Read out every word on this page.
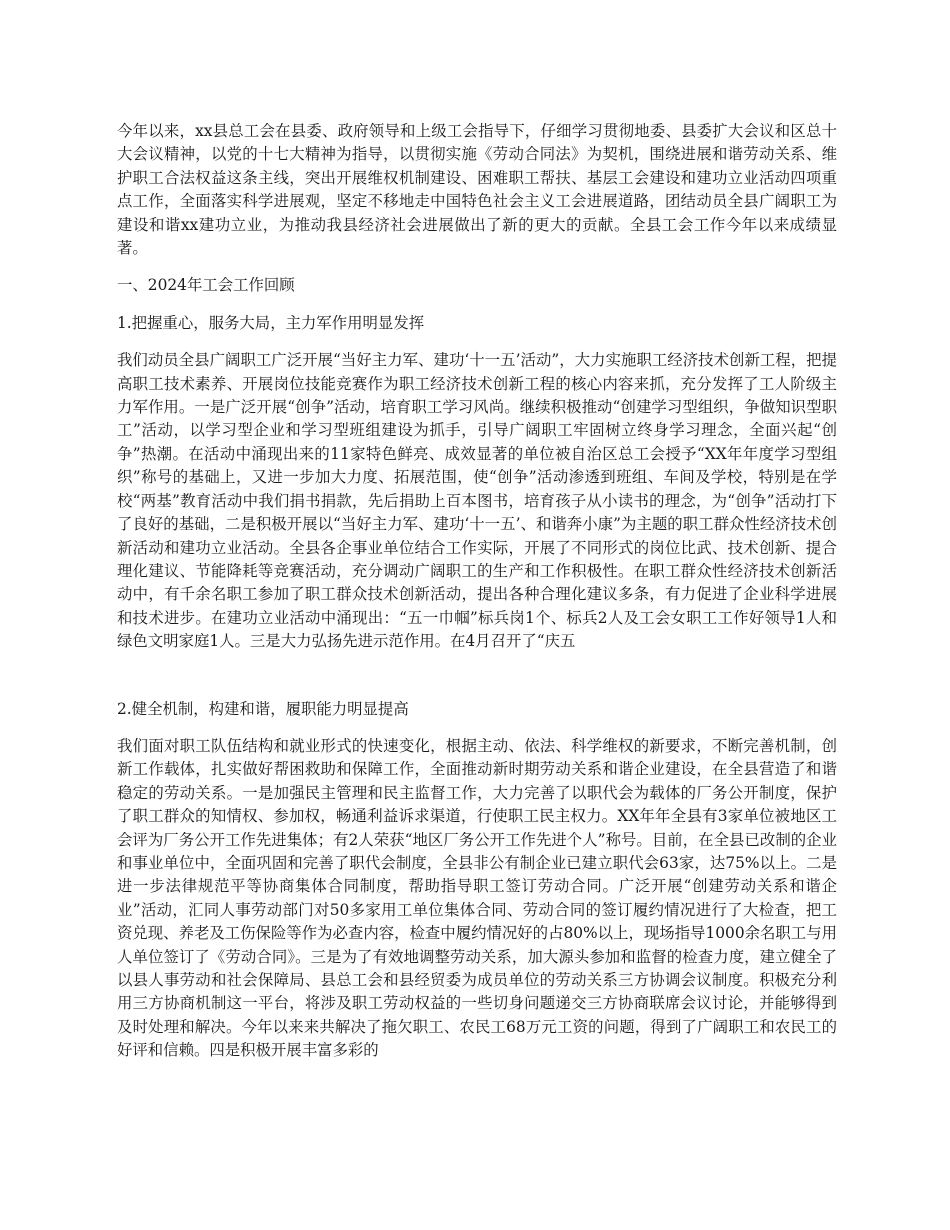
今年以来，xx县总工会在县委、政府领导和上级工会指导下，仔细学习贯彻地委、县委扩大会议和区总十大会议精神，以党的十七大精神为指导，以贯彻实施《劳动合同法》为契机，围绕进展和谐劳动关系、维护职工合法权益这条主线，突出开展维权机制建设、困难职工帮扶、基层工会建设和建功立业活动四项重点工作，全面落实科学进展观，坚定不移地走中国特色社会主义工会进展道路，团结动员全县广阔职工为建设和谐xx建功立业，为推动我县经济社会进展做出了新的更大的贡献。全县工会工作今年以来成绩显著。

一、2024年工会工作回顾

1.把握重心，服务大局，主力军作用明显发挥

我们动员全县广阔职工广泛开展“当好主力军、建功‘十一五’活动”，大力实施职工经济技术创新工程，把提高职工技术素养、开展岗位技能竞赛作为职工经济技术创新工程的核心内容来抓，充分发挥了工人阶级主力军作用。一是广泛开展“创争”活动，培育职工学习风尚。继续积极推动“创建学习型组织，争做知识型职工”活动，以学习型企业和学习型班组建设为抓手，引导广阔职工牢固树立终身学习理念，全面兴起“创争”热潮。在活动中涌现出来的11家特色鲜亮、成效显著的单位被自治区总工会授予“XX年年度学习型组织”称号的基础上，又进一步加大力度、拓展范围，使“创争”活动渗透到班组、车间及学校，特别是在学校“两基”教育活动中我们捐书捐款，先后捐助上百本图书，培育孩子从小读书的理念，为“创争”活动打下了良好的基础，二是积极开展以“当好主力军、建功‘十一五’、和谐奔小康”为主题的职工群众性经济技术创新活动和建功立业活动。全县各企事业单位结合工作实际，开展了不同形式的岗位比武、技术创新、提合理化建议、节能降耗等竞赛活动，充分调动广阔职工的生产和工作积极性。在职工群众性经济技术创新活动中，有千余名职工参加了职工群众技术创新活动，提出各种合理化建议多条，有力促进了企业科学进展和技术进步。在建功立业活动中涌现出：“五一巾帼”标兵岗1个、标兵2人及工会女职工工作好领导1人和绿色文明家庭1人。三是大力弘扬先进示范作用。在4月召开了“庆五

2.健全机制，构建和谐，履职能力明显提高

我们面对职工队伍结构和就业形式的快速变化，根据主动、依法、科学维权的新要求，不断完善机制，创新工作载体，扎实做好帮困救助和保障工作，全面推动新时期劳动关系和谐企业建设，在全县营造了和谐稳定的劳动关系。一是加强民主管理和民主监督工作，大力完善了以职代会为载体的厂务公开制度，保护了职工群众的知情权、参加权，畅通利益诉求渠道，行使职工民主权力。XX年年全县有3家单位被地区工会评为厂务公开工作先进集体；有2人荣获“地区厂务公开工作先进个人”称号。目前，在全县已改制的企业和事业单位中，全面巩固和完善了职代会制度，全县非公有制企业已建立职代会63家，达75%以上。二是进一步法律规范平等协商集体合同制度，帮助指导职工签订劳动合同。广泛开展“创建劳动关系和谐企业”活动，汇同人事劳动部门对50多家用工单位集体合同、劳动合同的签订履约情况进行了大检查，把工资兑现、养老及工伤保险等作为必查内容，检查中履约情况好的占80%以上，现场指导1000余名职工与用人单位签订了《劳动合同》。三是为了有效地调整劳动关系，加大源头参加和监督的检查力度，建立健全了以县人事劳动和社会保障局、县总工会和县经贸委为成员单位的劳动关系三方协调会议制度。积极充分利用三方协商机制这一平台，将涉及职工劳动权益的一些切身问题递交三方协商联席会议讨论，并能够得到及时处理和解决。今年以来来共解决了拖欠职工、农民工68万元工资的问题，得到了广阔职工和农民工的好评和信赖。四是积极开展丰富多彩的
